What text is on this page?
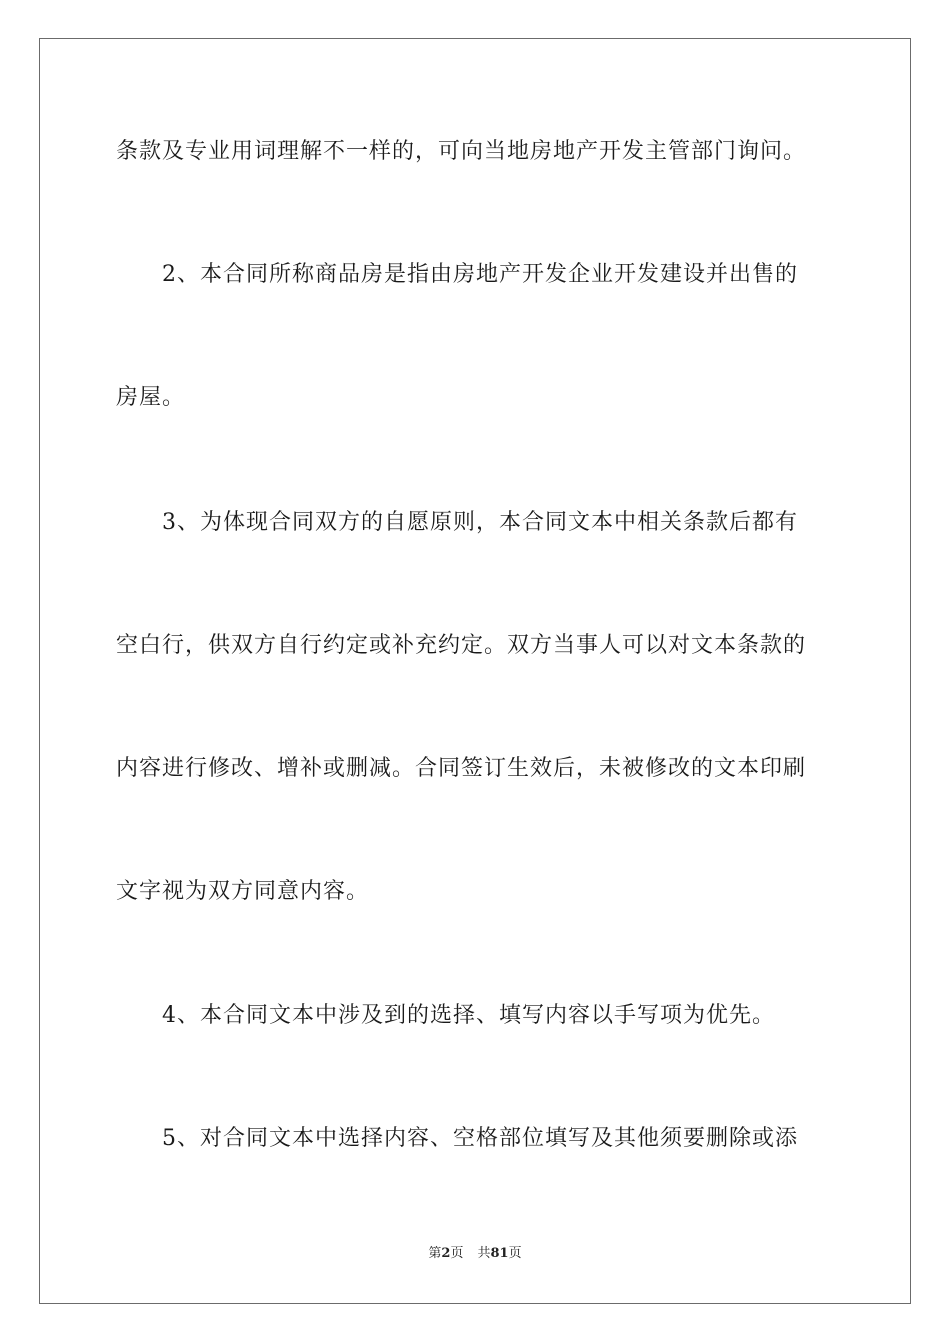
条款及专业用词理解不一样的，可向当地房地产开发主管部门询问。
2、本合同所称商品房是指由房地产开发企业开发建设并出售的
房屋。
3、为体现合同双方的自愿原则，本合同文本中相关条款后都有
空白行，供双方自行约定或补充约定。双方当事人可以对文本条款的
内容进行修改、增补或删减。合同签订生效后，未被修改的文本印刷
文字视为双方同意内容。
4、本合同文本中涉及到的选择、填写内容以手写项为优先。
5、对合同文本中选择内容、空格部位填写及其他须要删除或添
第2页 共81页
